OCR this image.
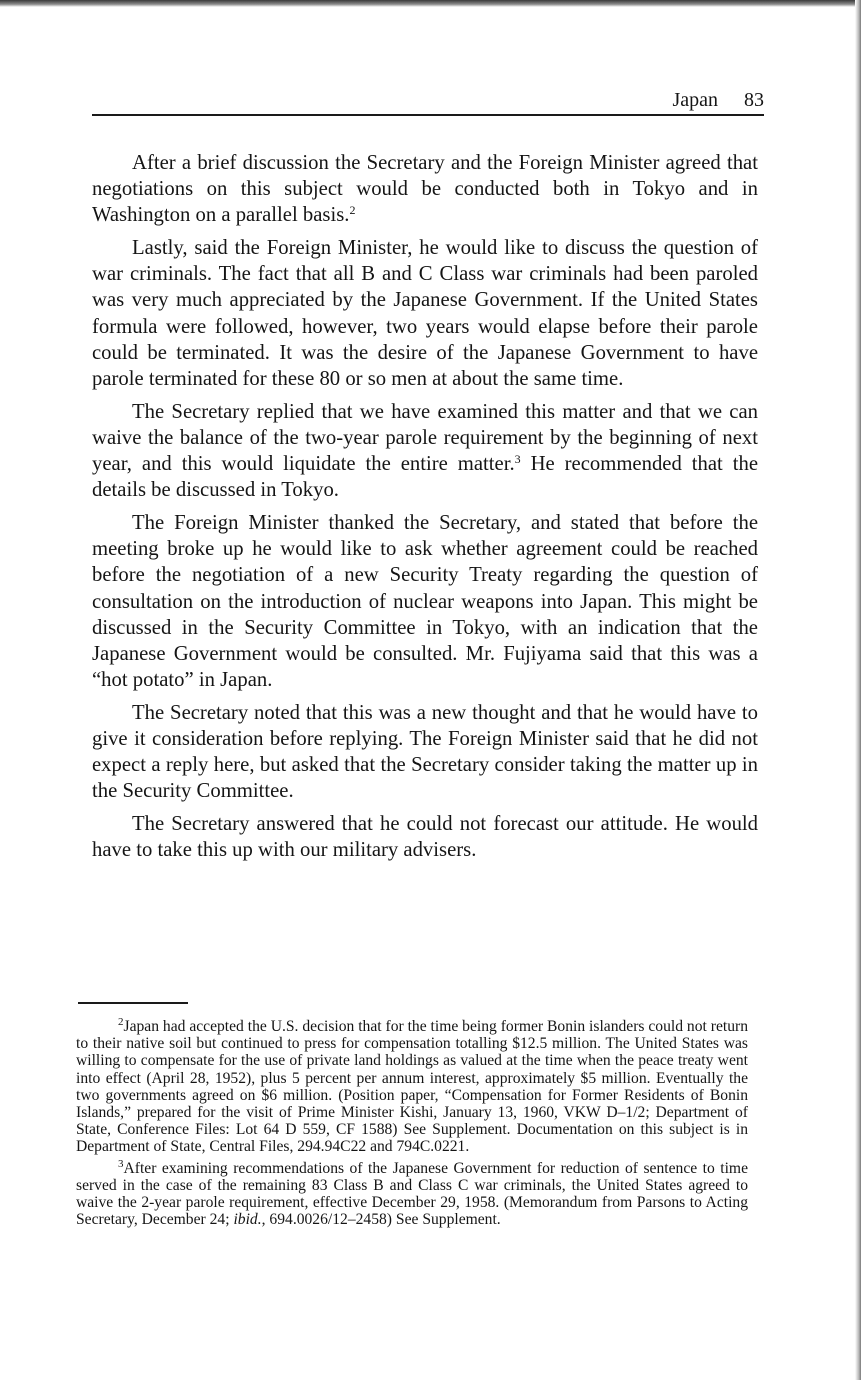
Japan 83

After a brief discussion the Secretary and the Foreign Minister agreed that negotiations on this subject would be conducted both in Tokyo and in Washington on a parallel basis.$^2$

Lastly, said the Foreign Minister, he would like to discuss the question of war criminals. The fact that all B and C Class war criminals had been paroled was very much appreciated by the Japanese Government. If the United States formula were followed, however, two years would elapse before their parole could be terminated. It was the desire of the Japanese Government to have parole terminated for these 80 or so men at about the same time.

The Secretary replied that we have examined this matter and that we can waive the balance of the two-year parole requirement by the beginning of next year, and this would liquidate the entire matter.$^3$ He recommended that the details be discussed in Tokyo.

The Foreign Minister thanked the Secretary, and stated that before the meeting broke up he would like to ask whether agreement could be reached before the negotiation of a new Security Treaty regarding the question of consultation on the introduction of nuclear weapons into Japan. This might be discussed in the Security Committee in Tokyo, with an indication that the Japanese Government would be consulted. Mr. Fujiyama said that this was a “hot potato” in Japan.

The Secretary noted that this was a new thought and that he would have to give it consideration before replying. The Foreign Minister said that he did not expect a reply here, but asked that the Secretary consider taking the matter up in the Security Committee.

The Secretary answered that he could not forecast our attitude. He would have to take this up with our military advisers.

$^2$Japan had accepted the U.S. decision that for the time being former Bonin islanders could not return to their native soil but continued to press for compensation totalling $12.5 million. The United States was willing to compensate for the use of private land holdings as valued at the time when the peace treaty went into effect (April 28, 1952), plus 5 percent per annum interest, approximately $5 million. Eventually the two governments agreed on $6 million. (Position paper, “Compensation for Former Residents of Bonin Islands,” prepared for the visit of Prime Minister Kishi, January 13, 1960, VKW D–1/2; Department of State, Conference Files: Lot 64 D 559, CF 1588) See Supplement. Documentation on this subject is in Department of State, Central Files, 294.94C22 and 794C.0221.

$^3$After examining recommendations of the Japanese Government for reduction of sentence to time served in the case of the remaining 83 Class B and Class C war criminals, the United States agreed to waive the 2-year parole requirement, effective December 29, 1958. (Memorandum from Parsons to Acting Secretary, December 24; ibid., 694.0026/12–2458) See Supplement.
